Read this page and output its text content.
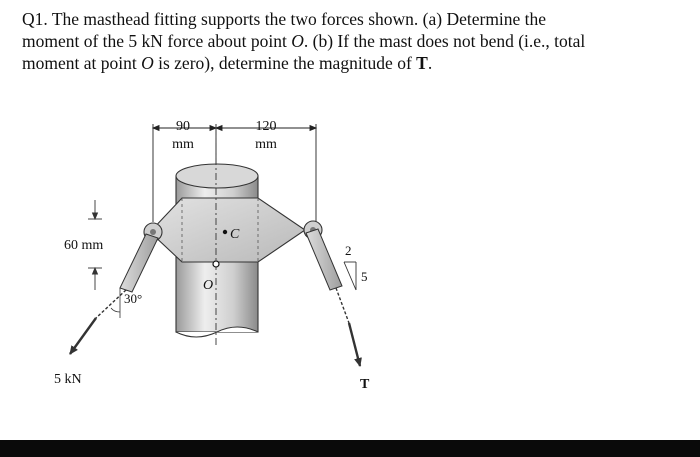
Q1. The masthead fitting supports the two forces shown. (a) Determine the
moment of the 5 kN force about point O. (b) If the mast does not bend (i.e., total
moment at point O is zero), determine the magnitude of T.

90
mm
120
mm
C
O
5 kN
30°
T
2
5
60 mm
